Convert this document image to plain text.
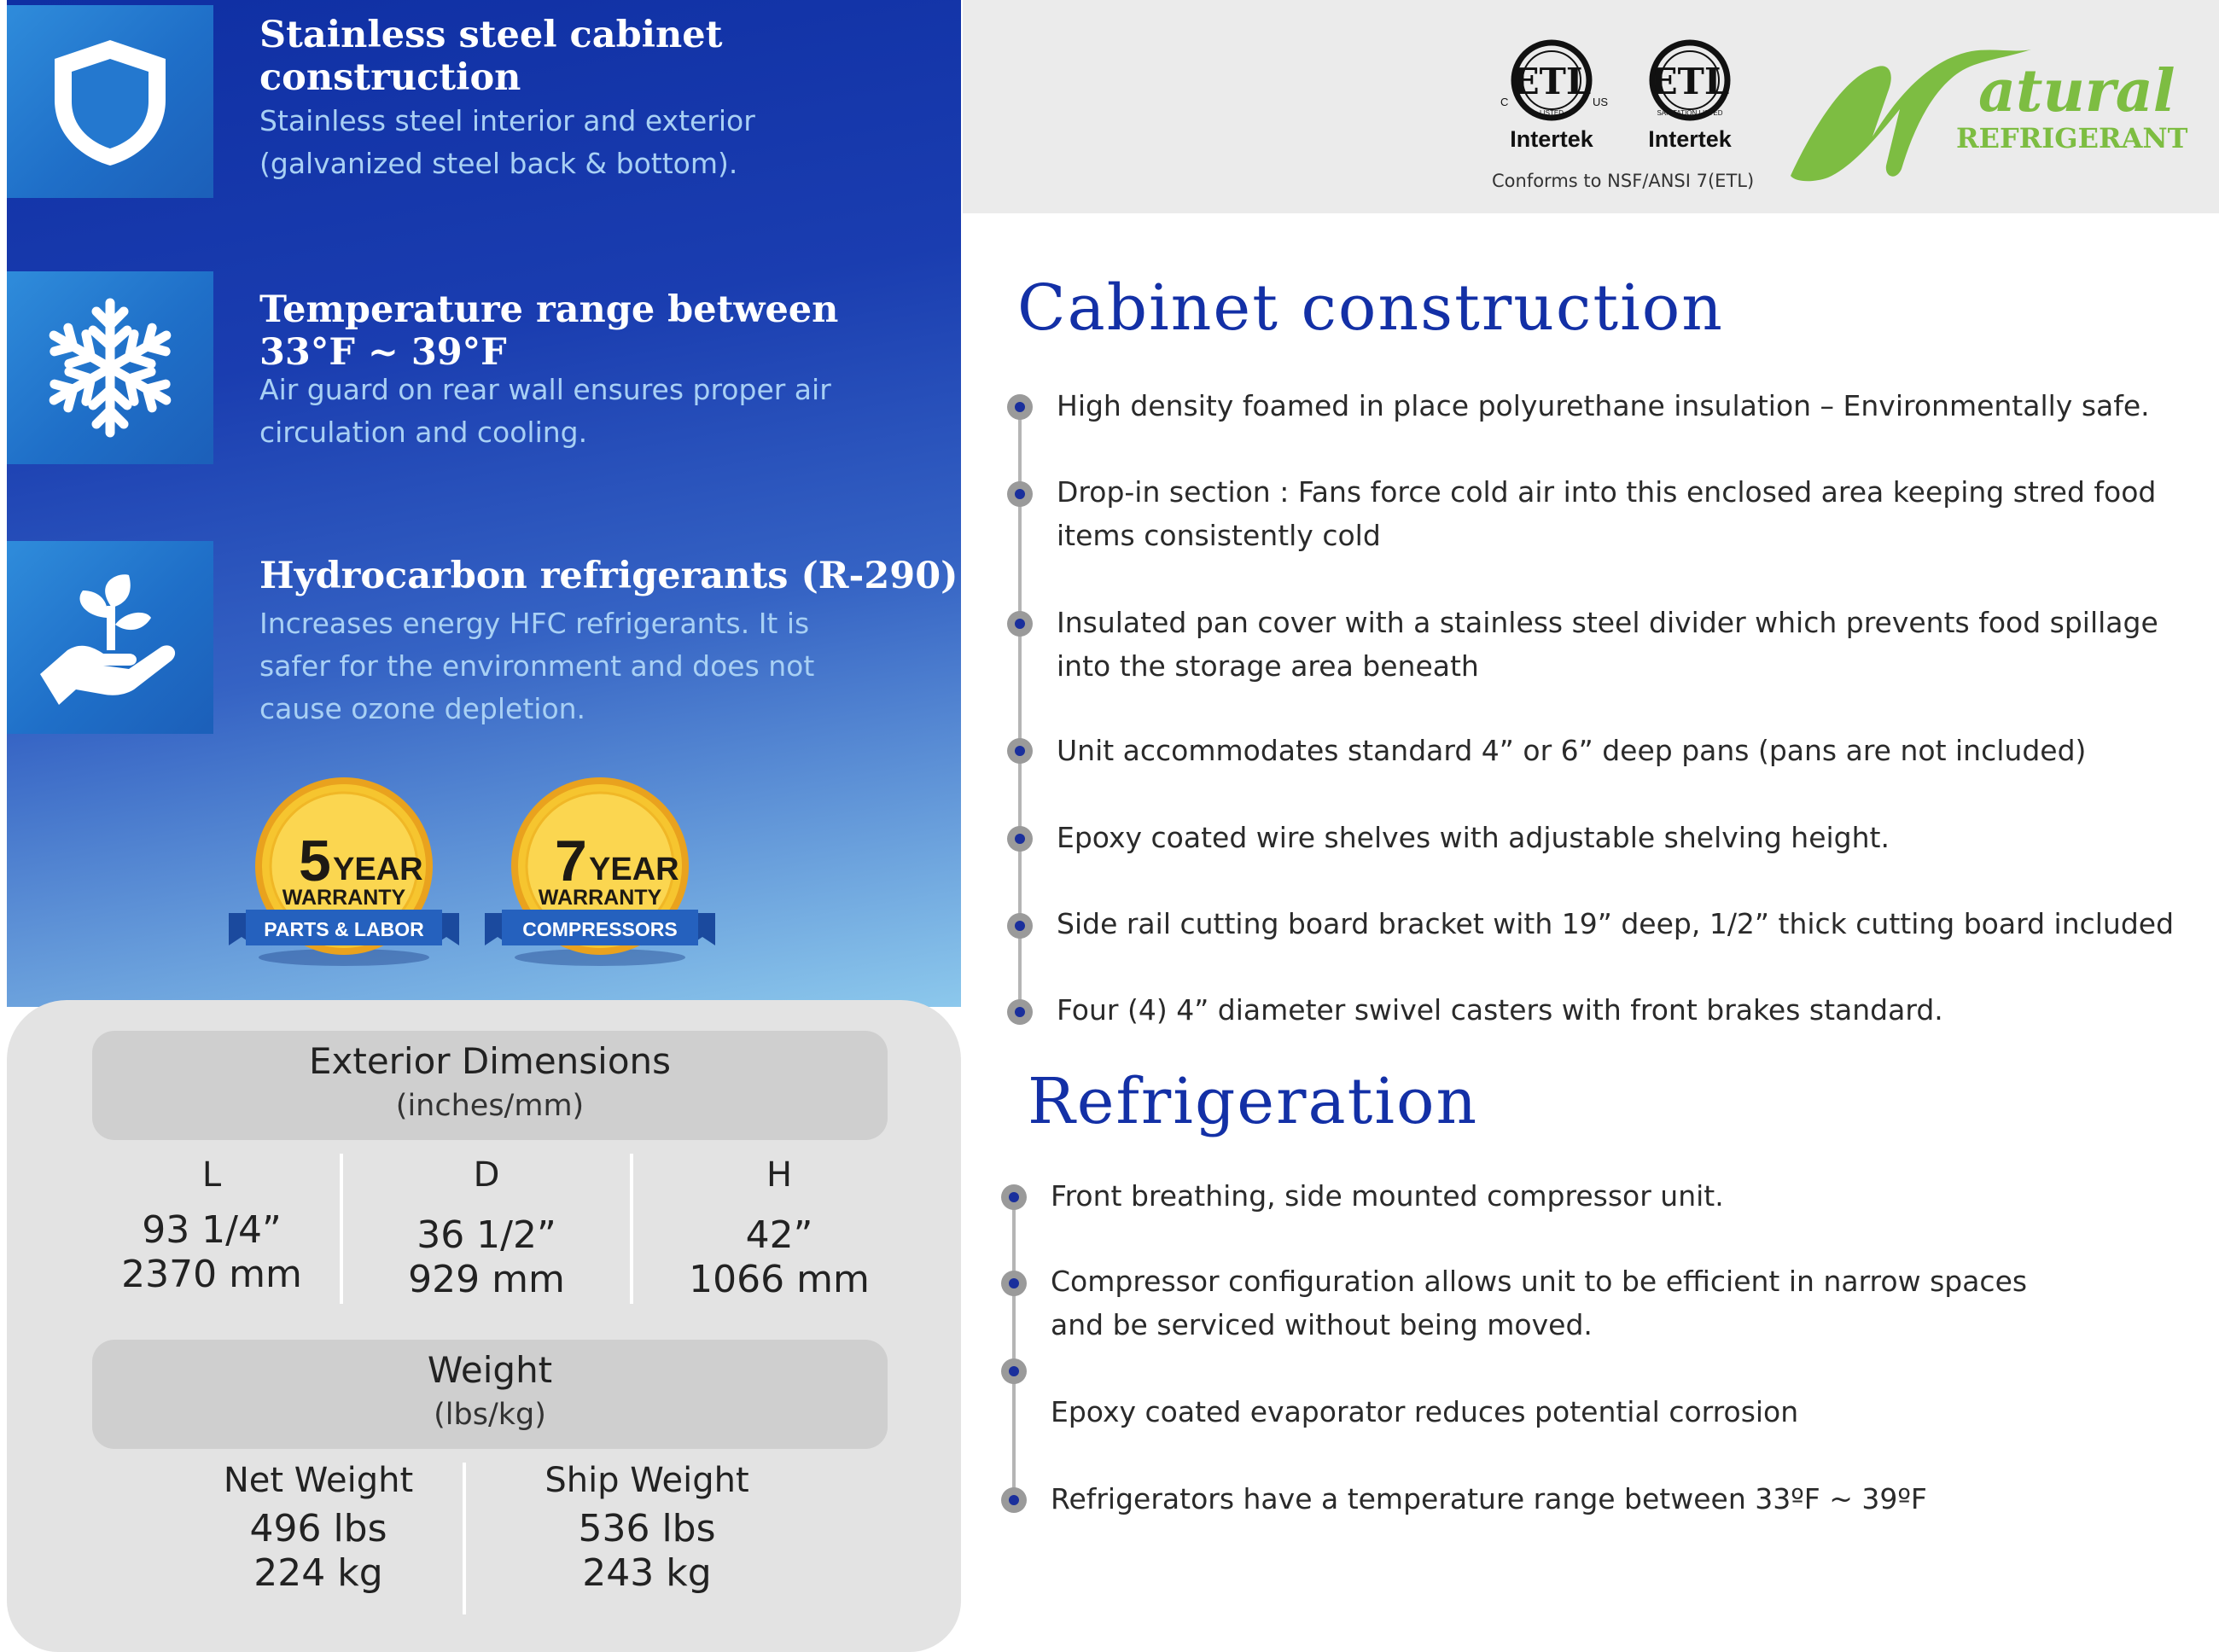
Stainless steel cabinet
construction
Stainless steel interior and exterior
(galvanized steel back & bottom).
Temperature range between
33°F ~ 39°F
Air guard on rear wall ensures proper air
circulation and cooling.
Hydrocarbon refrigerants (R-290)
Increases energy HFC refrigerants. It is
safer for the environment and does not
cause ozone depletion.
5 YEAR
WARRANTY
PARTS & LABOR
7 YEAR
WARRANTY
COMPRESSORS
Exterior Dimensions
(inches/mm)
L
93 1/4”
2370 mm
D
36 1/2”
929 mm
H
42”
1066 mm
Weight
(lbs/kg)
Net Weight
496 lbs
224 kg
Ship Weight
536 lbs
243 kg
ETL
C	US
LISTED
Intertek
ETL
SANITATION LISTED
Intertek
Conforms to NSF/ANSI 7(ETL)
atural
REFRIGERANT
Cabinet construction
High density foamed in place polyurethane insulation – Environmentally safe.
Drop-in section : Fans force cold air into this enclosed area keeping stred food
items consistently cold
Insulated pan cover with a stainless steel divider which prevents food spillage
into the storage area beneath
Unit accommodates standard 4” or 6” deep pans (pans are not included)
Epoxy coated wire shelves with adjustable shelving height.
Side rail cutting board bracket with 19” deep, 1/2” thick cutting board included
Four (4) 4” diameter swivel casters with front brakes standard.
Refrigeration
Front breathing, side mounted compressor unit.
Compressor configuration allows unit to be efficient in narrow spaces
and be serviced without being moved.
Epoxy coated evaporator reduces potential corrosion
Refrigerators have a temperature range between 33ºF ~ 39ºF
